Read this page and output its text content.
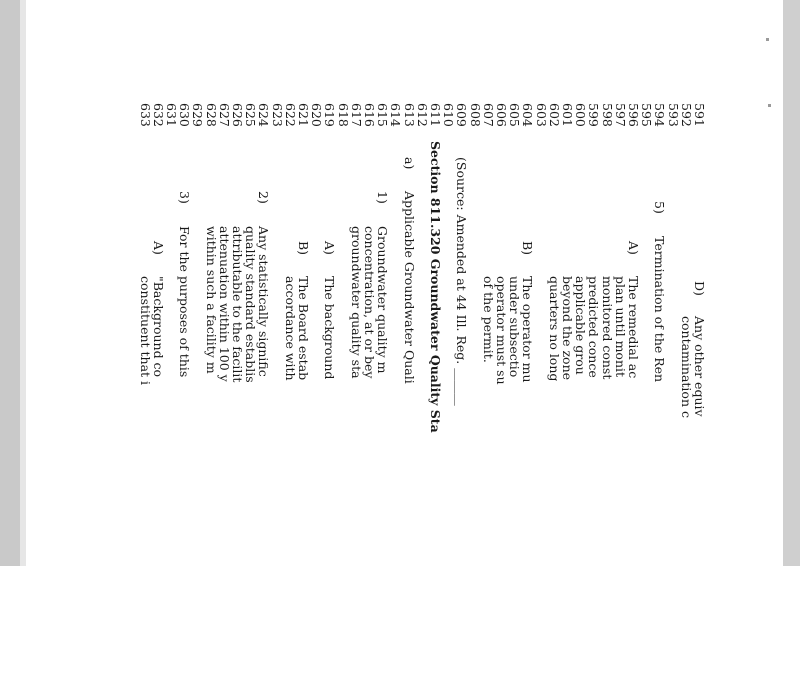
591
D)
Any other equiv
592
contamination c
593
594
5)
Termination of the Ren
595
596
A)
The remedial ac
597
plan until monit
598
monitored const
599
predicted conce
600
applicable grou
601
beyond the zone
602
quarters no long
603
604
B)
The operator mu
605
under subsectio
606
operator must su
607
of the permit.
608
609
(Source: Amended at 44 Ill. Reg. ______
610
611
Section 811.320 Groundwater Quality Sta
612
613
a)
Applicable Groundwater Quali
614
615
1)
Groundwater quality m
616
concentration, at or bey
617
groundwater quality sta
618
619
A)
The background
620
621
B)
The Board estab
622
accordance with
623
624
2)
Any statistically signific
625
quality standard establis
626
attributable to the facilit
627
attenuation within 100 y
628
within such a facility m
629
630
3)
For the purposes of this
631
632
A)
"Background co
633
constituent that i
